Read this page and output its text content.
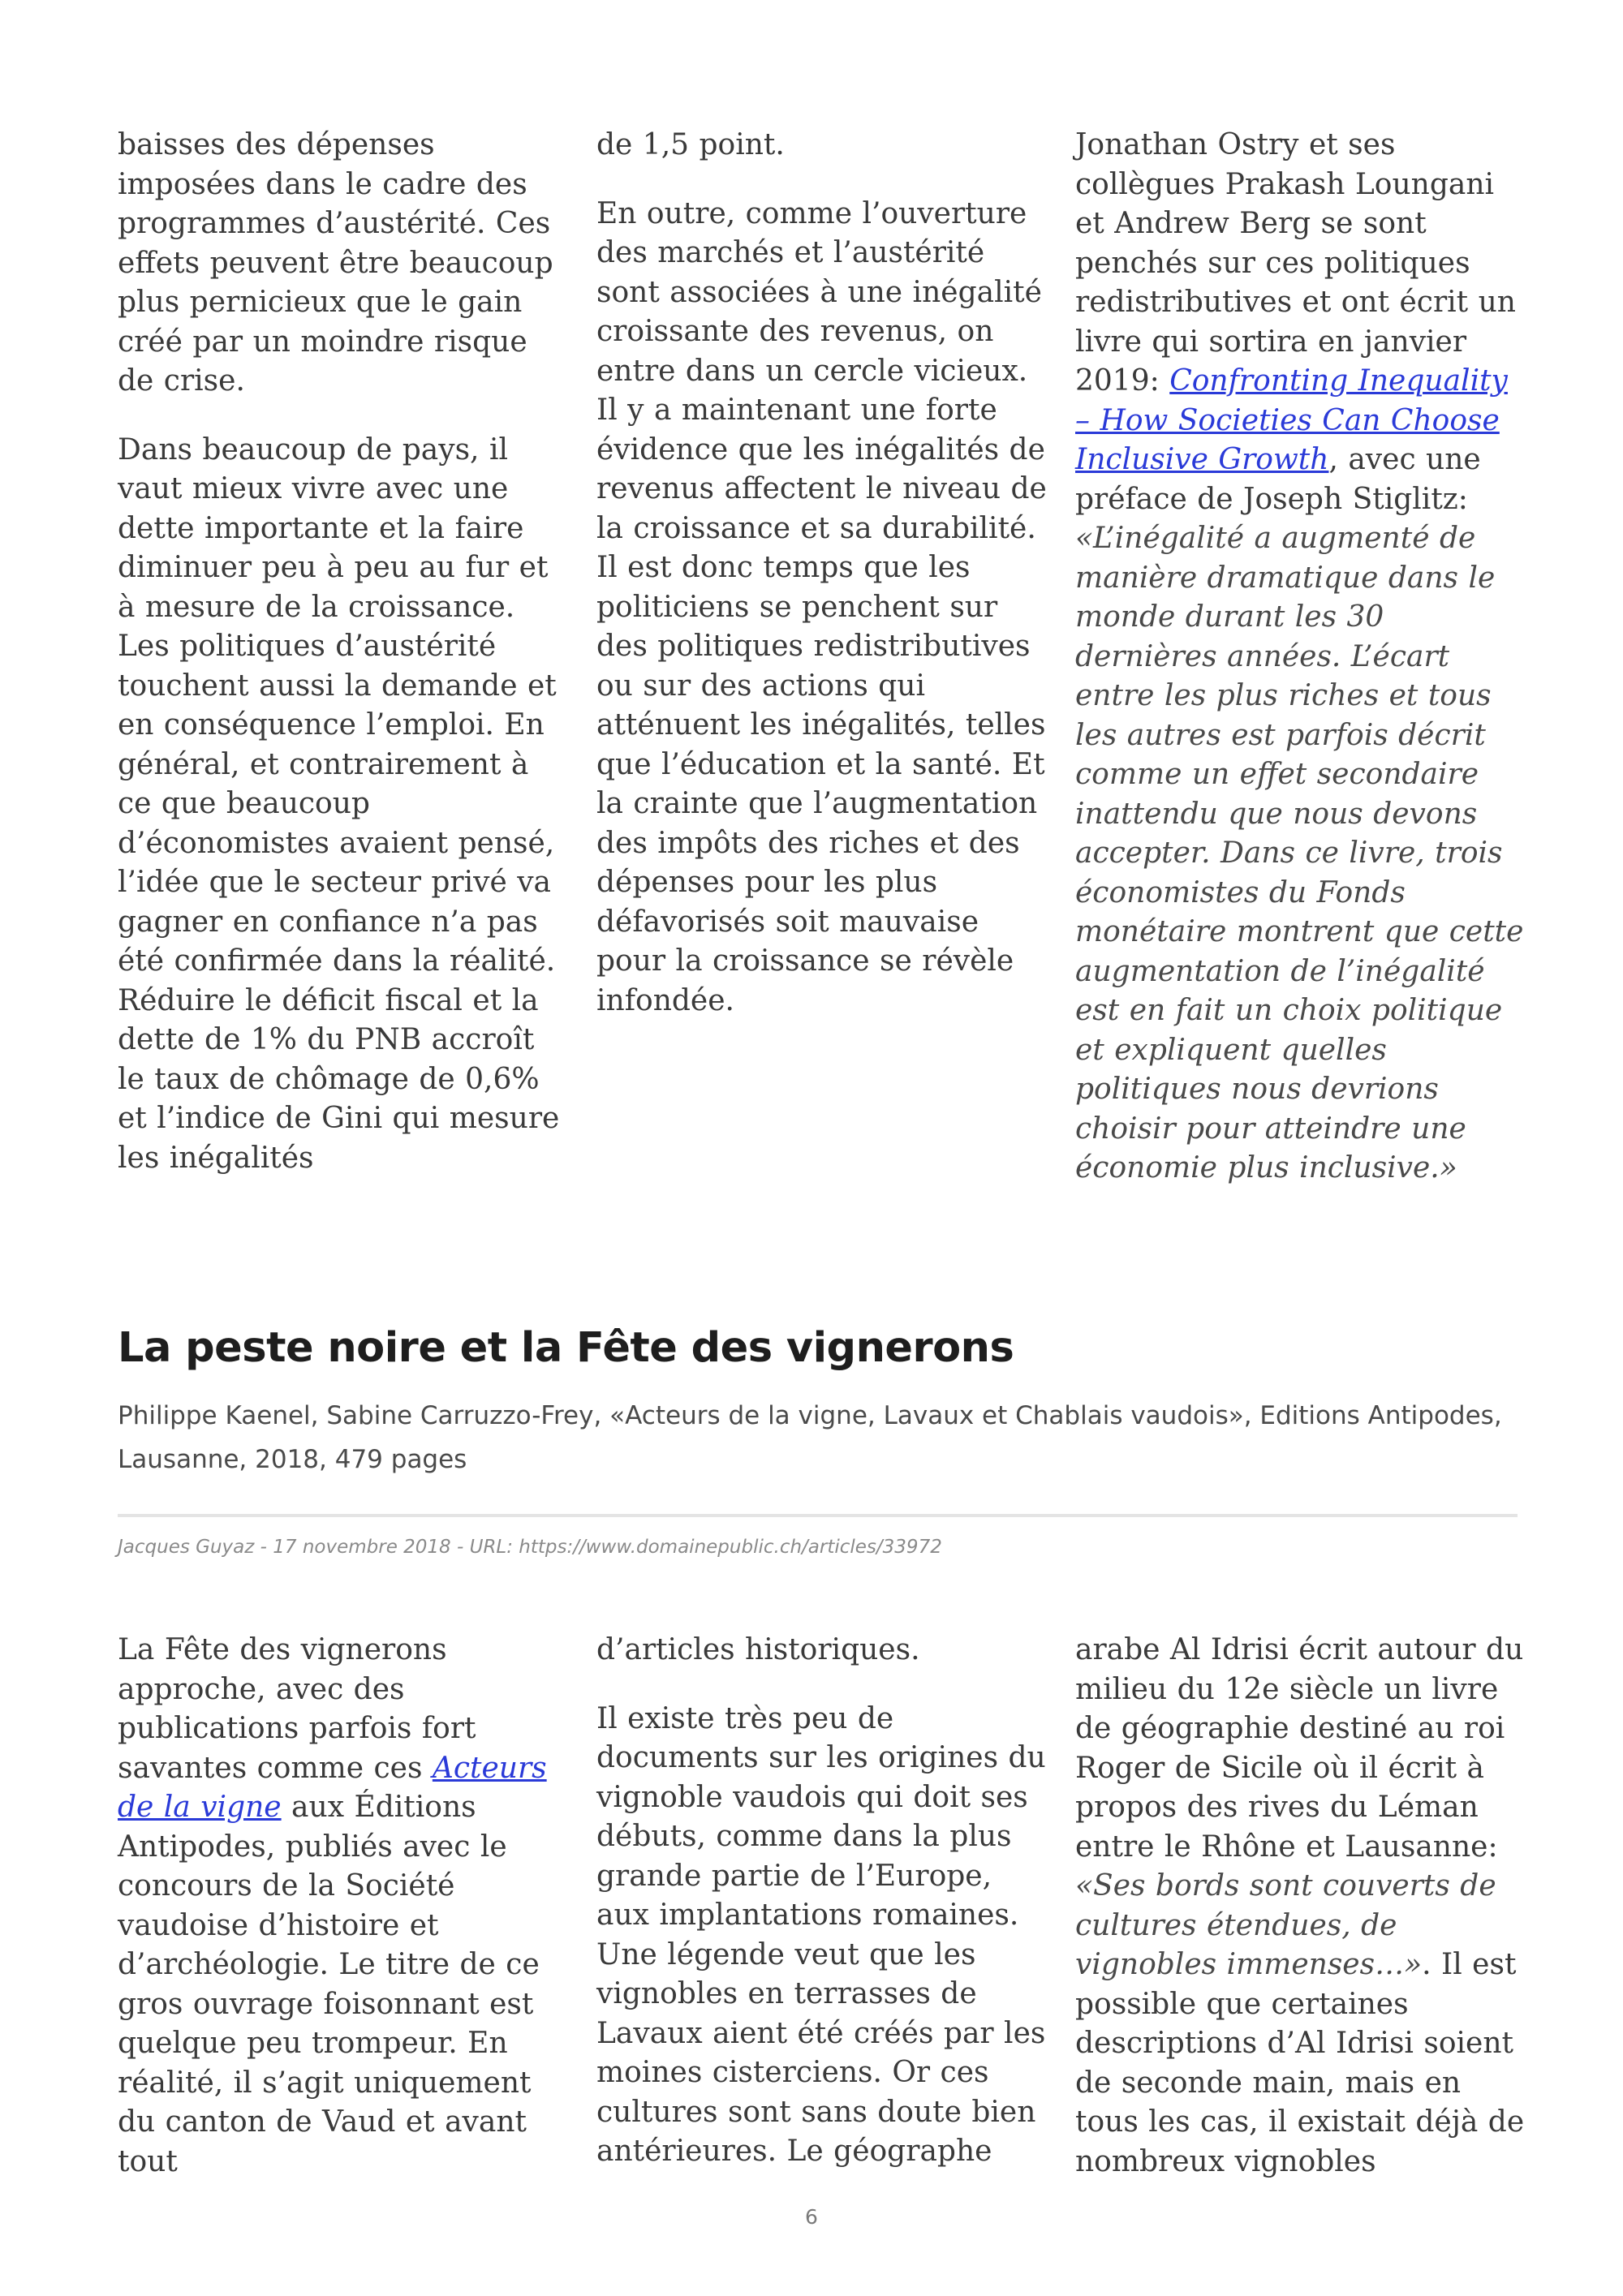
baisses des dépenses imposées dans le cadre des programmes d’austérité. Ces effets peuvent être beaucoup plus pernicieux que le gain créé par un moindre risque de crise.

Dans beaucoup de pays, il vaut mieux vivre avec une dette importante et la faire diminuer peu à peu au fur et à mesure de la croissance. Les politiques d’austérité touchent aussi la demande et en conséquence l’emploi. En général, et contrairement à ce que beaucoup d’économistes avaient pensé, l’idée que le secteur privé va gagner en confiance n’a pas été confirmée dans la réalité. Réduire le déficit fiscal et la dette de 1% du PNB accroît le taux de chômage de 0,6% et l’indice de Gini qui mesure les inégalités

de 1,5 point.

En outre, comme l’ouverture des marchés et l’austérité sont associées à une inégalité croissante des revenus, on entre dans un cercle vicieux. Il y a maintenant une forte évidence que les inégalités de revenus affectent le niveau de la croissance et sa durabilité. Il est donc temps que les politiciens se penchent sur des politiques redistributives ou sur des actions qui atténuent les inégalités, telles que l’éducation et la santé. Et la crainte que l’augmentation des impôts des riches et des dépenses pour les plus défavorisés soit mauvaise pour la croissance se révèle infondée.

Jonathan Ostry et ses collègues Prakash Loungani et Andrew Berg se sont penchés sur ces politiques redistributives et ont écrit un livre qui sortira en janvier 2019: Confronting Inequality – How Societies Can Choose Inclusive Growth, avec une préface de Joseph Stiglitz: «L’inégalité a augmenté de manière dramatique dans le monde durant les 30 dernières années. L’écart entre les plus riches et tous les autres est parfois décrit comme un effet secondaire inattendu que nous devons accepter. Dans ce livre, trois économistes du Fonds monétaire montrent que cette augmentation de l’inégalité est en fait un choix politique et expliquent quelles politiques nous devrions choisir pour atteindre une économie plus inclusive.»

La peste noire et la Fête des vignerons
Philippe Kaenel, Sabine Carruzzo-Frey, «Acteurs de la vigne, Lavaux et Chablais vaudois», Editions Antipodes, Lausanne, 2018, 479 pages
Jacques Guyaz - 17 novembre 2018 - URL: https://www.domainepublic.ch/articles/33972

La Fête des vignerons approche, avec des publications parfois fort savantes comme ces Acteurs de la vigne aux Éditions Antipodes, publiés avec le concours de la Société vaudoise d’histoire et d’archéologie. Le titre de ce gros ouvrage foisonnant est quelque peu trompeur. En réalité, il s’agit uniquement du canton de Vaud et avant tout

d’articles historiques.

Il existe très peu de documents sur les origines du vignoble vaudois qui doit ses débuts, comme dans la plus grande partie de l’Europe, aux implantations romaines. Une légende veut que les vignobles en terrasses de Lavaux aient été créés par les moines cisterciens. Or ces cultures sont sans doute bien antérieures. Le géographe

arabe Al Idrisi écrit autour du milieu du 12e siècle un livre de géographie destiné au roi Roger de Sicile où il écrit à propos des rives du Léman entre le Rhône et Lausanne: «Ses bords sont couverts de cultures étendues, de vignobles immenses…». Il est possible que certaines descriptions d’Al Idrisi soient de seconde main, mais en tous les cas, il existait déjà de nombreux vignobles

6
